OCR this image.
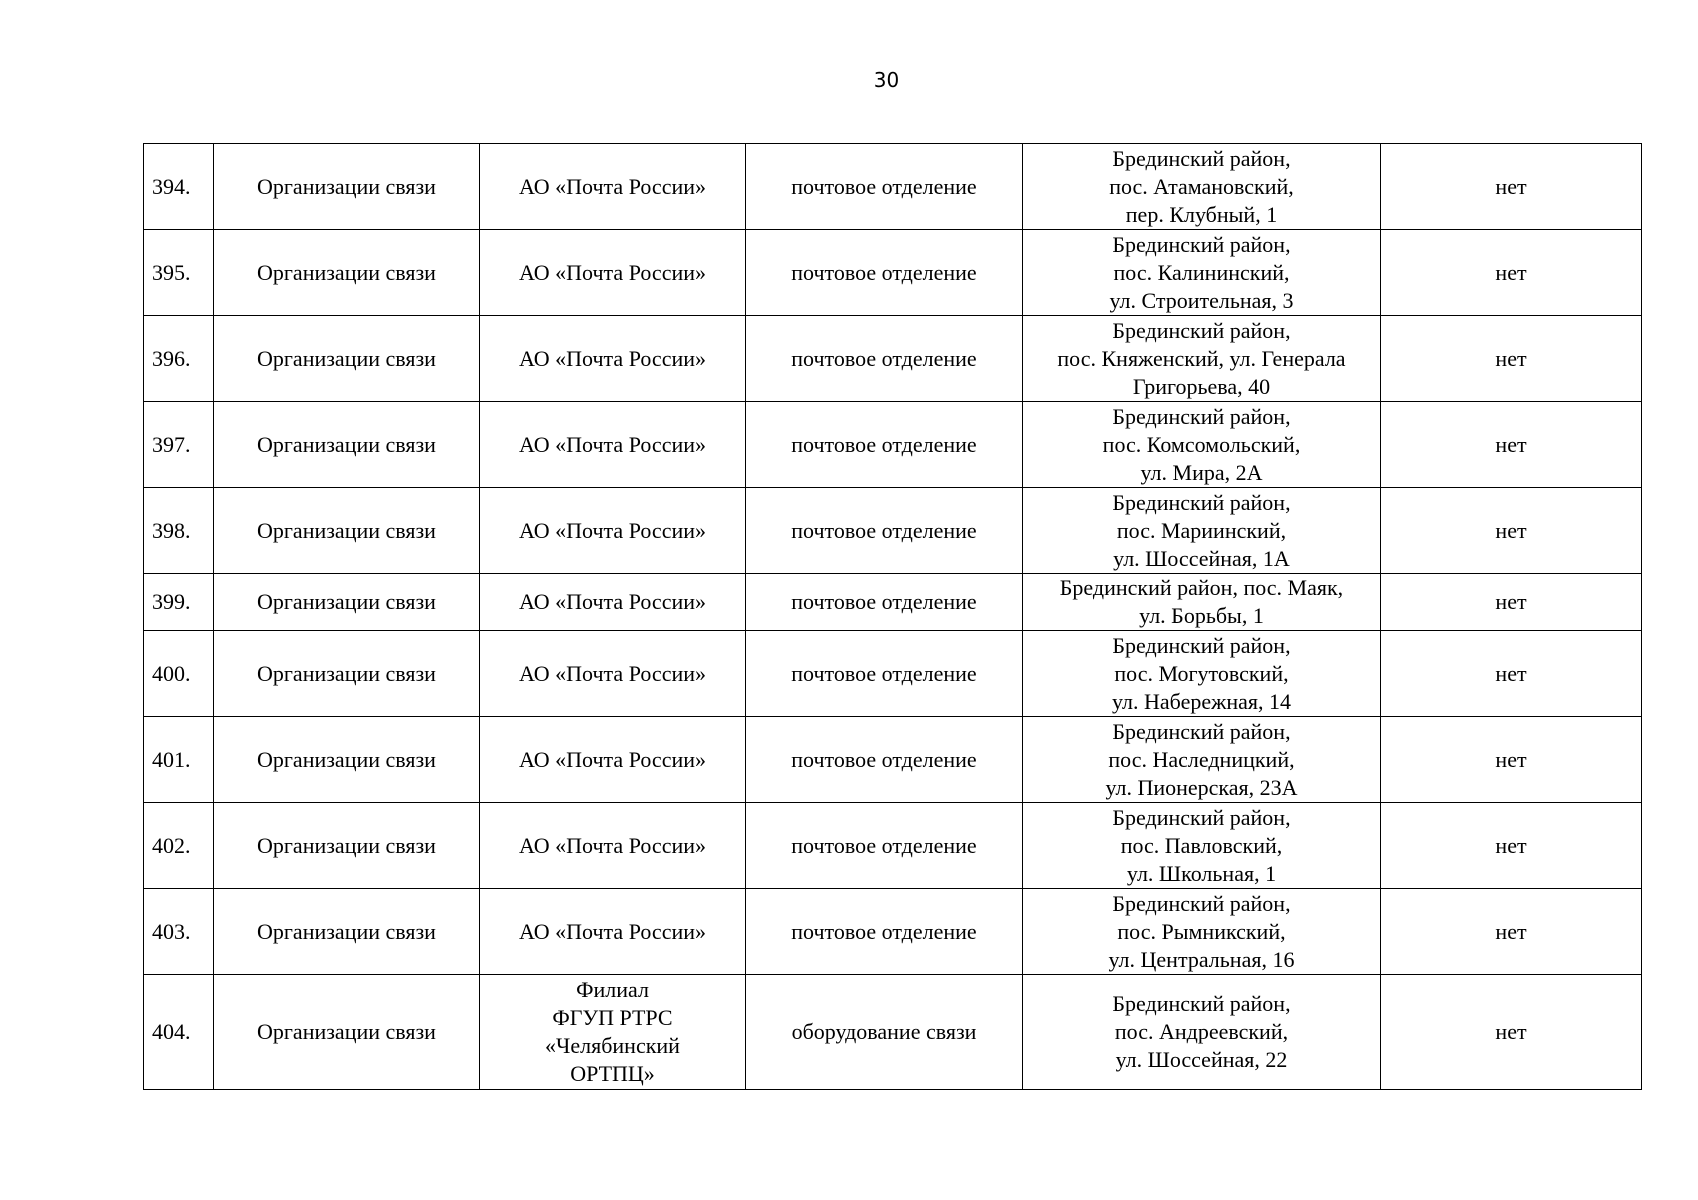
30
394.	Организации связи	АО «Почта России»	почтовое отделение	Брединский район,
пос. Атамановский,
пер. Клубный, 1	нет
395.	Организации связи	АО «Почта России»	почтовое отделение	Брединский район,
пос. Калининский,
ул. Строительная, 3	нет
396.	Организации связи	АО «Почта России»	почтовое отделение	Брединский район,
пос. Княженский, ул. Генерала
Григорьева, 40	нет
397.	Организации связи	АО «Почта России»	почтовое отделение	Брединский район,
пос. Комсомольский,
ул. Мира, 2А	нет
398.	Организации связи	АО «Почта России»	почтовое отделение	Брединский район,
пос. Мариинский,
ул. Шоссейная, 1А	нет
399.	Организации связи	АО «Почта России»	почтовое отделение	Брединский район, пос. Маяк,
ул. Борьбы, 1	нет
400.	Организации связи	АО «Почта России»	почтовое отделение	Брединский район,
пос. Могутовский,
ул. Набережная, 14	нет
401.	Организации связи	АО «Почта России»	почтовое отделение	Брединский район,
пос. Наследницкий,
ул. Пионерская, 23А	нет
402.	Организации связи	АО «Почта России»	почтовое отделение	Брединский район,
пос. Павловский,
ул. Школьная, 1	нет
403.	Организации связи	АО «Почта России»	почтовое отделение	Брединский район,
пос. Рымникский,
ул. Центральная, 16	нет
404.	Организации связи	Филиал
ФГУП РТРС
«Челябинский
ОРТПЦ»	оборудование связи	Брединский район,
пос. Андреевский,
ул. Шоссейная, 22	нет
